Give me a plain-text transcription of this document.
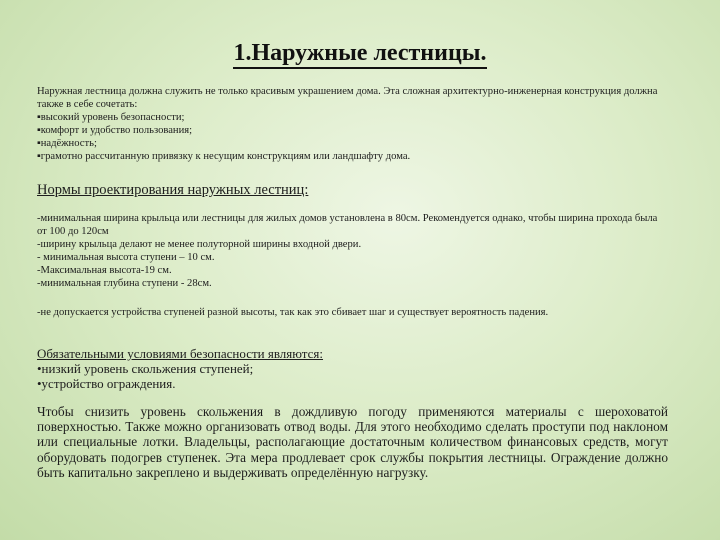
1.Наружные лестницы.
Наружная лестница должна служить не только красивым украшением дома. Эта сложная архитектурно-инженерная конструкция должна также в себе сочетать:
▪ высокий уровень безопасности;
▪ комфорт и удобство пользования;
▪ надёжность;
▪ грамотно рассчитанную привязку к несущим конструкциям или ландшафту дома.
Нормы проектирования наружных лестниц:
-минимальная ширина крыльца или лестницы для жилых домов установлена в 80см. Рекомендуется однако, чтобы ширина прохода была от 100 до 120см
-ширину крыльца делают не менее полуторной ширины входной двери.
- минимальная высота ступени – 10 см.
-Максимальная высота-19 см.
-минимальная глубина ступени - 28см.
-не допускается устройства ступеней разной высоты, так как это сбивает шаг и существует вероятность падения.
Обязательными условиями безопасности являются:
•низкий уровень скольжения ступеней;
•устройство ограждения.
Чтобы снизить уровень скольжения в дождливую погоду применяются материалы с шероховатой поверхностью. Также можно организовать отвод воды. Для этого необходимо сделать проступи под наклоном или специальные лотки. Владельцы, располагающие достаточным количеством финансовых средств, могут оборудовать подогрев ступенек. Эта мера продлевает срок службы покрытия лестницы. Ограждение должно быть капитально закреплено и выдерживать определённую нагрузку.
